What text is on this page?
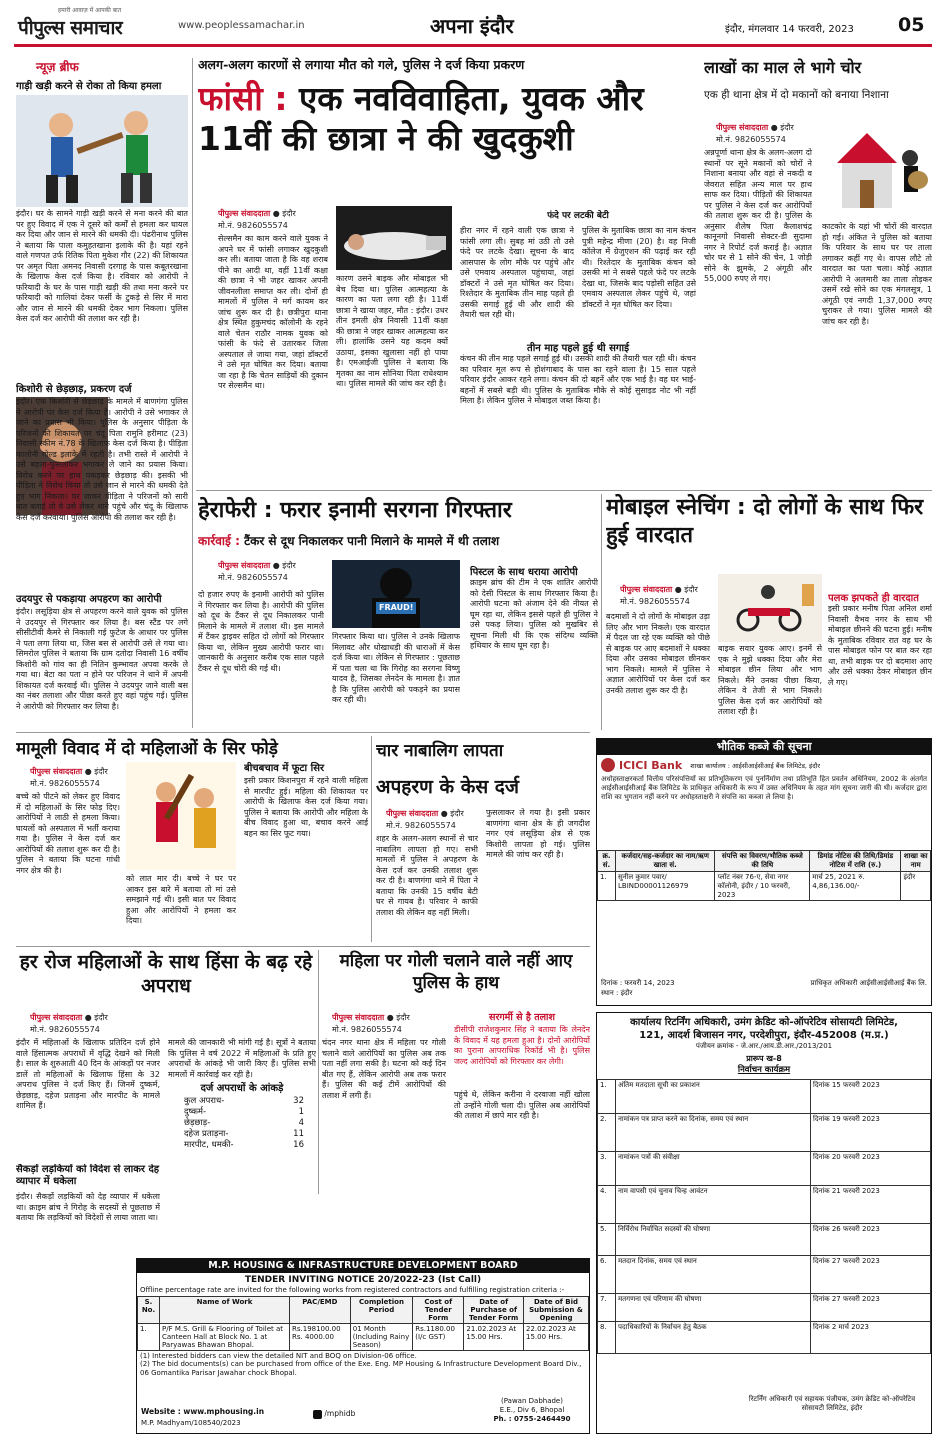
हमारी आवाज़ में आपकी बात
पीपुल्स समाचार	www.peoplessamachar.in	अपना इंदौर	इंदौर, मंगलवार 14 फरवरी, 2023 05
न्यूज़ ब्रीफ
गाड़ी खड़ी करने से रोका तो किया हमला
इंदौर। घर के सामने गाड़ी खड़ी करने से मना करने की बात पर हुए विवाद में एक ने दूसरे को कर्मों से हमला कर घायल कर दिया और जान से मारने की धमकी दी। पंढरीनाथ पुलिस ने बताया कि पाला कमुहतखाना इलाके की है। यहां रहने वाले गणपत उर्फ रितिक पिता मुकेश गौर (22) की शिकायत पर अमृत पिता अमनद निवासी दरगाह के पास कबूतरखाना के खिलाफ केस दर्ज किया है। रविवार को आरोपी ने फरियादी के घर के पास गाड़ी खड़ी की तथा मना करने पर फरियादी को गालियां देकर फर्सी के टुकड़े से सिर में मारा और जान से मारने की धमकी देकर भाग निकला। पुलिस केस दर्ज कर आरोपी की तलाश कर रही है।
किशोरी से छेड़छाड़, प्रकरण दर्ज
इंदौर। एक किशोरी से छेड़छाड़ के मामले में बाणगंगा पुलिस ने आरोपी पर केस दर्ज किया है। आरोपी ने उसे भगाकर ले जाने का प्रयास भी किया। पुलिस के अनुसार पीड़िता के परिजनों की शिकायत पर चंदू पिता रामुनि हरीमाट (23) निवासी स्कीम नं.78 के खिलाफ केस दर्ज किया है। पीड़िता कालोनी गोल्ड इलाके में रहती है। तभी रास्ते में आरोपी ने उसे बहला-फुसलाकर भगाकर ले जाने का प्रयास किया। विरोध करने पर हाथ पकड़कर छेड़छाड़ की। इसकी भी पीड़िता ने विरोध किया तो उसे जान से मारने की धमकी देते हुए भाग निकला। घर जाकर पीड़िता ने परिजनों को सारी बात बताई तो वे उसे लेकर थाने पहुंचे और चंदू के खिलाफ केस दर्ज करवाया। पुलिस आरोपी की तलाश कर रही है।
उदयपुर से पकड़ाया अपहरण का आरोपी
इंदौर। लसूड़िया क्षेत्र से अपहरण करने वाले युवक को पुलिस ने उदयपुर से गिरफ्तार कर लिया है। बस स्टैंड पर लगे सीसीटीवी कैमरे से निकाली गई फुटेज के आधार पर पुलिस ने पता लगा लिया था, जिस बस से आरोपी उसे ले गया था। सिमरोल पुलिस ने बताया कि ग्राम दतोदा निवासी 16 वर्षीय किशोरी को गांव का ही नितिन कुम्भावत अपवा करके ले गया था। बेटा का पता न होने पर परिजन ने थाने में अपनी शिकायत दर्ज करवाई थी। पुलिस ने उदयपुर जाने वाली बस का नंबर तलाशा और पीछा करते हुए वहां पहुंच गई। पुलिस ने आरोपी को गिरफ्तार कर लिया है।
अलग-अलग कारणों से लगाया मौत को गले, पुलिस ने दर्ज किया प्रकरण
फांसी : एक नवविवाहिता, युवक और 11वीं की छात्रा ने की खुदकुशी
पीपुल्स संवाददाता ● इंदौर
मो.नं. 9826055574
सेल्समैन का काम करने वाले युवक ने अपने घर में फांसी लगाकर खुदकुशी कर ली। बताया जाता है कि वह शराब पीने का आदी था, वहीं 11वीं कक्षा की छात्रा ने भी जहर खाकर अपनी जीवनलीला समाप्त कर ली। दोनों ही मामलों में पुलिस ने मर्ग कायम कर जांच शुरू कर दी है। छत्रीपुरा थाना क्षेत्र स्थित हुकुमचंद कॉलोनी के रहने वाले चेतन राठौर नामक युवक को फांसी के फंदे से उतारकर जिला अस्पताल ले जाया गया, जहां डॉक्टरों ने उसे मृत घोषित कर दिया। बताया जा रहा है कि चेतन साड़ियों की दुकान पर सेल्समैन था।
कारण उसने बाइक और मोबाइल भी बेच दिया था। पुलिस आत्महत्या के कारण का पता लगा रही है। 11वीं छात्रा ने खाया जहर, मौत : इंदौर। उधर तीन इमली क्षेत्र निवासी 11वीं कक्षा की छात्रा ने जहर खाकर आत्महत्या कर ली। हालांकि उसने यह कदम क्यों उठाया, इसका खुलासा नहीं हो पाया है। एमआईजी पुलिस ने बताया कि मृतका का नाम सोनिया पिता राधेश्याम था। पुलिस मामले की जांच कर रही है।
फंदे पर लटकी बेटी
हीरा नगर में रहने वाली एक छात्रा ने फांसी लगा ली। सुबह मां उठी तो उसे फंदे पर लटके देखा। सूचना के बाद आसपास के लोग मौके पर पहुंचे और उसे एमवाय अस्पताल पहुंचाया, जहां डॉक्टरों ने उसे मृत घोषित कर दिया। रिश्तेदार के मुताबिक तीन माह पहले ही उसकी सगाई हुई थी और शादी की तैयारी चल रही थी।
पुलिस के मुताबिक छात्रा का नाम कंचन पुत्री महेन्द्र मीणा (20) है। वह निजी कॉलेज में ग्रेजुएशन की पढ़ाई कर रही थी। रिश्तेदार के मुताबिक कंचन को उसकी मां ने सबसे पहले फंदे पर लटके देखा था, जिसके बाद पड़ोसी सहित उसे एमवाय अस्पताल लेकर पहुंचे थे, जहां डॉक्टरों ने मृत घोषित कर दिया।
तीन माह पहले हुई थी सगाई
कंचन की तीन माह पहले सगाई हुई थी। उसकी शादी की तैयारी चल रही थी। कंचन का परिवार मूल रूप से होशंगाबाद के पास का रहने वाला है। 15 साल पहले परिवार इंदौर आकर रहने लगा। कंचन की दो बहनें और एक भाई है। वह घर भाई-बहनों में सबसे बड़ी थी। पुलिस के मुताबिक मौके से कोई सुसाइड नोट भी नहीं मिला है। लेकिन पुलिस ने मोबाइल जब्त किया है।
लाखों का माल ले भागे चोर
एक ही थाना क्षेत्र में दो मकानों को बनाया निशाना
पीपुल्स संवाददाता ● इंदौर
मो.नं. 9826055574
अन्नपूर्णा थाना क्षेत्र के अलग-अलग दो स्थानों पर सूने मकानों को चोरों ने निशाना बनाया और वहां से नकदी व जेवरात सहित अन्य माल पर हाथ साफ कर दिया। पीड़ितों की शिकायत पर पुलिस ने केस दर्ज कर आरोपियों की तलाश शुरू कर दी है। पुलिस के अनुसार शैलेष पिता कैलाशचंद्र कानूनगो निवासी सेक्टर-डी सुदामा नगर ने रिपोर्ट दर्ज कराई है। अज्ञात चोर घर से 1 सोने की चेन, 1 जोड़ी सोने के झुमके, 2 अंगूठी और 55,000 रुपए ले गए।
काटकोर के यहां भी चोरों की वारदात हो गई। अंकित ने पुलिस को बताया कि परिवार के साथ घर पर ताला लगाकर कहीं गए थे। वापस लौटे तो वारदात का पता चला। कोई अज्ञात आरोपी ने अलमारी का ताला तोड़कर उसमें रखे सोने का एक मंगलसूत्र, 1 अंगूठी एवं नगदी 1,37,000 रुपए चुराकर ले गया। पुलिस मामले की जांच कर रही है।
हेराफेरी : फरार इनामी सरगना गिरफ्तार
कार्रवाई : टैंकर से दूध निकालकर पानी मिलाने के मामले में थी तलाश
पीपुल्स संवाददाता ● इंदौर
मो.नं. 9826055574
दो हजार रुपए के इनामी आरोपी को पुलिस ने गिरफ्तार कर लिया है। आरोपी की पुलिस को दूध के टैंकर से दूध निकालकर पानी मिलाने के मामले में तलाश थी। इस मामले में टैंकर ड्राइवर सहित दो लोगों को गिरफ्तार किया था, लेकिन मुख्य आरोपी फरार था। जानकारी के अनुसार करीब एक साल पहले टैंकर से दूध चोरी की गई थी।
FRAUD!
गिरफ्तार किया था। पुलिस ने उनके खिलाफ मिलावट और धोखाधड़ी की धाराओं में केस दर्ज किया था। लेकिन से गिरफ्तार : पूछताछ में पता चला था कि गिरोह का सरगना विष्णु यादव है, जिसका लेनदेन के मामला है। ज्ञात है कि पुलिस आरोपी को पकड़ने का प्रयास कर रही थी।
पिस्टल के साथ धराया आरोपी
क्राइम ब्रांच की टीम ने एक शातिर आरोपी को देसी पिस्टल के साथ गिरफ्तार किया है। आरोपी घटना को अंजाम देने की नीयत से घूम रहा था, लेकिन इससे पहले ही पुलिस ने उसे पकड़ लिया। पुलिस को मुखबिर से सूचना मिली थी कि एक संदिग्ध व्यक्ति हथियार के साथ घूम रहा है।
मोबाइल स्नेचिंग : दो लोगों के साथ फिर हुई वारदात
पीपुल्स संवाददाता ● इंदौर
मो.नं. 9826055574
बदमाशों ने दो लोगों के मोबाइल उड़ा लिए और भाग निकले। एक वारदात में पैदल जा रहे एक व्यक्ति को पीछे से बाइक पर आए बदमाशों ने धक्का दिया और उसका मोबाइल छीनकर भाग निकले। मामले में पुलिस ने अज्ञात आरोपियों पर केस दर्ज कर उनकी तलाश शुरू कर दी है।
बाइक सवार युवक आए। इनमें से एक ने मुझे धक्का दिया और मेरा मोबाइल छीन लिया और भाग निकले। मैंने उनका पीछा किया, लेकिन वे तेजी से भाग निकले। पुलिस केस दर्ज कर आरोपियों को तलाश रही है।
पलक झपकते ही वारदात
इसी प्रकार मनीष पिता अनिल शर्मा निवासी वैभव नगर के साथ भी मोबाइल छीनने की घटना हुई। मनीष के मुताबिक रविवार रात वह घर के पास मोबाइल फोन पर बात कर रहा था, तभी बाइक पर दो बदमाश आए और उसे धक्का देकर मोबाइल छीन ले गए।
मामूली विवाद में दो महिलाओं के सिर फोड़े
पीपुल्स संवाददाता ● इंदौर
मो.नं. 9826055574
बच्चे को पीटने को लेकर हुए विवाद में दो महिलाओं के सिर फोड़ दिए। आरोपियों ने लाठी से हमला किया। घायलों को अस्पताल में भर्ती कराया गया है। पुलिस ने केस दर्ज कर आरोपियों की तलाश शुरू कर दी है। पुलिस ने बताया कि घटना गांधी नगर क्षेत्र की है।
को लात मार दी। बच्चे ने घर पर आकर इस बारे में बताया तो मां उसे समझाने गई थी। इसी बात पर विवाद हुआ और आरोपियों ने हमला कर दिया।
बीचबचाव में फूटा सिर
इसी प्रकार किशनपुरा में रहने वाली महिला से मारपीट हुई। महिला की शिकायत पर आरोपी के खिलाफ केस दर्ज किया गया। पुलिस ने बताया कि आरोपी और महिला के बीच विवाद हुआ था, बचाव करने आई बहन का सिर फूट गया।
चार नाबालिग लापता
अपहरण के केस दर्ज
पीपुल्स संवाददाता ● इंदौर
मो.नं. 9826055574
शहर के अलग-अलग स्थानों से चार नाबालिग लापता हो गए। सभी मामलों में पुलिस ने अपहरण के केस दर्ज कर उनकी तलाश शुरू कर दी है। बाणगंगा थाने में पिता ने बताया कि उनकी 15 वर्षीय बेटी घर से गायब है। परिवार ने काफी तलाश की लेकिन वह नहीं मिली।
फुसलाकर ले गया है। इसी प्रकार बाणगंगा थाना क्षेत्र के ही जगदीश नगर एवं लसूड़िया क्षेत्र से एक किशोरी लापता हो गई। पुलिस मामले की जांच कर रही है।
हर रोज महिलाओं के साथ हिंसा के बढ़ रहे अपराध
पीपुल्स संवाददाता ● इंदौर
मो.नं. 9826055574
इंदौर में महिलाओं के खिलाफ प्रतिदिन दर्ज होने वाले हिंसात्मक अपराधों में वृद्धि देखने को मिली है। साल के शुरुआती 40 दिन के आंकड़ों पर नजर डालें तो महिलाओं के खिलाफ हिंसा के 32 अपराध पुलिस ने दर्ज किए हैं। जिनमें दुष्कर्म, छेड़छाड़, दहेज प्रताड़ना और मारपीट के मामले शामिल हैं।
मामले की जानकारी भी मांगी गई है। सूत्रों ने बताया कि पुलिस ने वर्ष 2022 में महिलाओं के प्रति हुए अपराधों के आंकड़े भी जारी किए हैं। पुलिस सभी मामलों में कार्रवाई कर रही है।
दर्ज अपराधों के आंकड़े
कुल अपराध-	32
दुष्कर्म-	1
छेड़छाड़-	4
दहेज प्रताड़ना-	11
मारपीट, धमकी-	16
सैकड़ों लड़कियों को विदेश से लाकर देह व्यापार में धकेला
इंदौर। सैकड़ों लड़कियों को देह व्यापार में धकेला था। क्राइम ब्रांच ने गिरोह के सदस्यों से पूछताछ में बताया कि लड़कियों को विदेशों से लाया जाता था।
महिला पर गोली चलाने वाले नहीं आए पुलिस के हाथ
पीपुल्स संवाददाता ● इंदौर
मो.नं. 9826055574
चंदन नगर थाना क्षेत्र में महिला पर गोली चलाने वाले आरोपियों का पुलिस अब तक पता नहीं लगा सकी है। घटना को कई दिन बीत गए हैं, लेकिन आरोपी अब तक फरार हैं। पुलिस की कई टीमें आरोपियों की तलाश में लगी हैं।
सरगर्मी से है तलाश
डीसीपी राजेशकुमार सिंह ने बताया कि लेनदेन के विवाद में यह हमला हुआ है। दोनों आरोपियों का पुराना आपराधिक रिकॉर्ड भी है। पुलिस जल्द आरोपियों को गिरफ्तार कर लेगी।
पहुंचे थे, लेकिन करीना ने दरवाजा नहीं खोला तो उन्होंने गोली चला दी। पुलिस अब आरोपियों की तलाश में छापे मार रही है।
M.P. HOUSING & INFRASTRUCTURE DEVELOPMENT BOARD
TENDER INVITING NOTICE 20/2022-23 (Ist Call)
Offline percentage rate are invited for the following works from registered contractors and fulfilling registration criteria :-
S. No.	Name of Work	PAC/EMD	Completion Period	Cost of Tender Form	Date of Purchase of Tender Form	Date of Bid Submission & Opening
1.	P/F M.S. Grill & Flooring of Toilet at Canteen Hall at Block No. 1 at Paryawas Bhawan Bhopal.	Rs.198100.00 Rs. 4000.00	01 Month (Including Rainy Season)	Rs.1180.00 (I/c GST)	21.02.2023 At 15.00 Hrs.	22.02.2023 At 15.00 Hrs.
(1) Interested bidders can view the detailed NIT and BOQ on Division-06 office.
(2) The bid documents(s) can be purchased from office of the Exe. Eng. MP Housing & Infrastructure Development Board Div., 06 Gomantika Parisar Jawahar chock Bhopal.
Website : www.mphousing.in
M.P. Madhyam/108540/2023
/mphidb
(Pawan Dabhade)
E.E., Div 6, Bhopal
Ph. : 0755-2464490
भौतिक कब्जे की सूचना
ICICI Bank शाखा कार्यालय : आईसीआईसीआई बैंक लिमिटेड, इंदौर
अधोहस्ताक्षरकर्ता वित्तीय परिसंपत्तियों का प्रतिभूतिकरण एवं पुनर्निर्माण तथा प्रतिभूति हित प्रवर्तन अधिनियम, 2002 के अंतर्गत आईसीआईसीआई बैंक लिमिटेड के प्राधिकृत अधिकारी के रूप में उक्त अधिनियम के तहत मांग सूचना जारी की थी। कर्जदार द्वारा राशि का भुगतान नहीं करने पर अधोहस्ताक्षरी ने संपत्ति का कब्जा ले लिया है।
क्र. सं.	कर्जदार/सह-कर्जदार का नाम/ऋण खाता सं.	संपत्ति का विवरण/भौतिक कब्जे की तिथि	डिमांड नोटिस की तिथि/डिमांड नोटिस में राशि (रु.)	शाखा का नाम
1.	सुनील कुमार पवार/ LBIND00001126979	प्लॉट नंबर 76-ए, सेवा नगर कॉलोनी, इंदौर / 10 फरवरी, 2023	मार्च 25, 2021 रु. 4,86,136.00/-	इंदौर
दिनांक : फरवरी 14, 2023
स्थान : इंदौर
प्राधिकृत अधिकारी आईसीआईसीआई बैंक लि.
कार्यालय रिटर्निंग अधिकारी, उमंग क्रेडिट को-ऑपरेटिव सोसायटी लिमिटेड,
121, आदर्श बिजासन नगर, परदेशीपुरा, इंदौर-452008 (म.प्र.)
पंजीयन क्रमांक - जे.आर./आय.डी.आर./2013/201
प्रारूप ख-8
निर्वाचन कार्यक्रम
1.	अंतिम मतदाता सूची का प्रकाशन	दिनांक 15 फरवरी 2023
2.	नामांकन पत्र प्राप्त करने का दिनांक, समय एवं स्थान	दिनांक 19 फरवरी 2023
3.	नामांकन पत्रों की संवीक्षा	दिनांक 20 फरवरी 2023
4.	नाम वापसी एवं चुनाव चिन्ह आवंटन	दिनांक 21 फरवरी 2023
5.	निर्विरोध निर्वाचित सदस्यों की घोषणा	दिनांक 26 फरवरी 2023
6.	मतदान दिनांक, समय एवं स्थान	दिनांक 27 फरवरी 2023
7.	मतगणना एवं परिणाम की घोषणा	दिनांक 27 फरवरी 2023
8.	पदाधिकारियों के निर्वाचन हेतु बैठक	दिनांक 2 मार्च 2023
रिटर्निंग अधिकारी एवं सहायक पंजीयक, उमंग क्रेडिट को-ऑपरेटिव सोसायटी लिमिटेड, इंदौर
